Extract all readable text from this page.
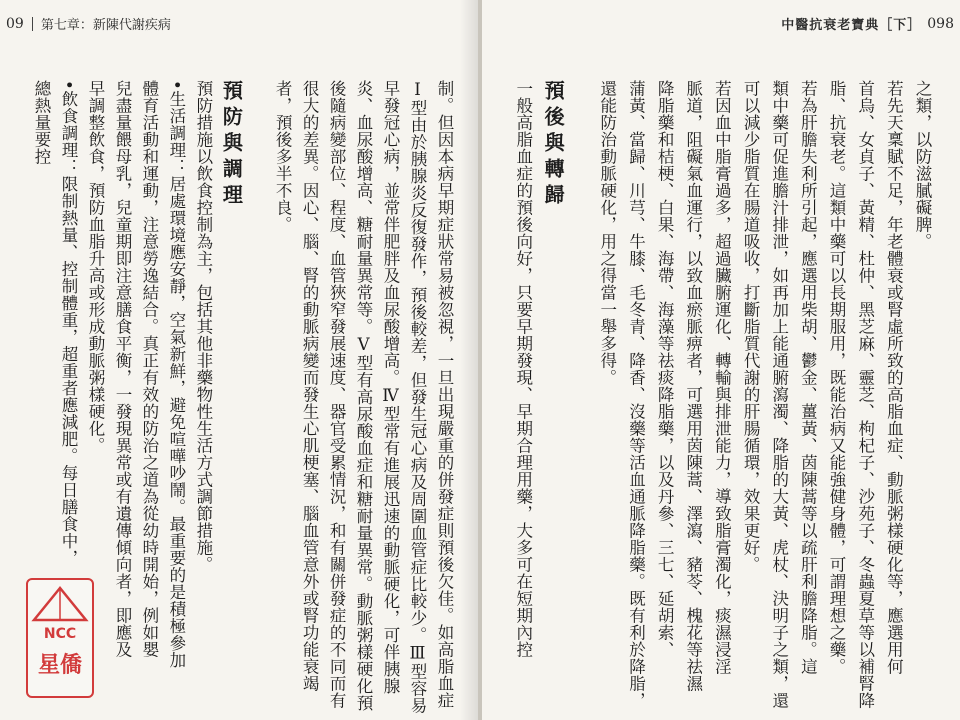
09 第七章：新陳代謝疾病
制。但因本病早期症狀常易被忽視，一旦出現嚴重的併發症則預後欠佳。如高脂血症
Ⅰ型由於胰腺炎反復發作，預後較差，但發生冠心病及周圍血管症比較少。Ⅲ型容易
早發冠心病，並常伴肥胖及血尿酸增高。Ⅳ型常有進展迅速的動脈硬化，可伴胰腺
炎、血尿酸增高、糖耐量異常等。Ⅴ型有高尿酸血症和糖耐量異常。動脈粥樣硬化預
後隨病變部位、程度、血管狹窄發展速度、器官受累情況，和有關併發症的不同而有
很大的差異。因心、腦、腎的動脈病變而發生心肌梗塞、腦血管意外或腎功能衰竭
者，預後多半不良。
預防與調理
預防措施以飲食控制為主，包括其他非藥物性生活方式調節措施。
•生活調理：居處環境應安靜，空氣新鮮，避免喧嘩吵鬧。最重要的是積極參加
體育活動和運動，注意勞逸結合。真正有效的防治之道為從幼時開始，例如嬰
兒盡量餵母乳，兒童期即注意膳食平衡，一發現異常或有遺傳傾向者，即應及
早調整飲食，預防血脂升高或形成動脈粥樣硬化。
•飲食調理：限制熱量、控制體重，超重者應減肥。每日膳食中，
總熱量要控
NCC
星僑
中醫抗衰老寶典［下］ 098
之類，以防滋膩礙脾。
若先天稟賦不足，年老體衰或腎虛所致的高脂血症、動脈粥樣硬化等，應選用何
首烏、女貞子、黃精、杜仲、黑芝麻、靈芝、枸杞子、沙苑子、冬蟲夏草等以補腎降
脂、抗衰老。這類中藥可以長期服用，既能治病又能強健身體，可謂理想之藥。
若為肝膽失利所引起，應選用柴胡、鬱金、薑黃、茵陳蒿等以疏肝利膽降脂。這
類中藥可促進膽汁排泄，如再加上能通腑瀉濁、降脂的大黃、虎杖、決明子之類，還
可以減少脂質在腸道吸收，打斷脂質代謝的肝腸循環，效果更好。
若因血中脂膏過多，超過臟腑運化、轉輸與排泄能力，導致脂膏濁化，痰濕浸淫
脈道，阻礙氣血運行，以致血瘀脈痹者，可選用茵陳蒿、澤瀉、豬苓、槐花等祛濕
降脂藥和桔梗、白果、海帶、海藻等祛痰降脂藥，以及丹參、三七、延胡索、
蒲黃、當歸、川芎、牛膝、毛冬青、降香、沒藥等活血通脈降脂藥。既有利於降脂，
還能防治動脈硬化，用之得當一舉多得。
預後與轉歸
一般高脂血症的預後向好，只要早期發現、早期合理用藥，大多可在短期內控
